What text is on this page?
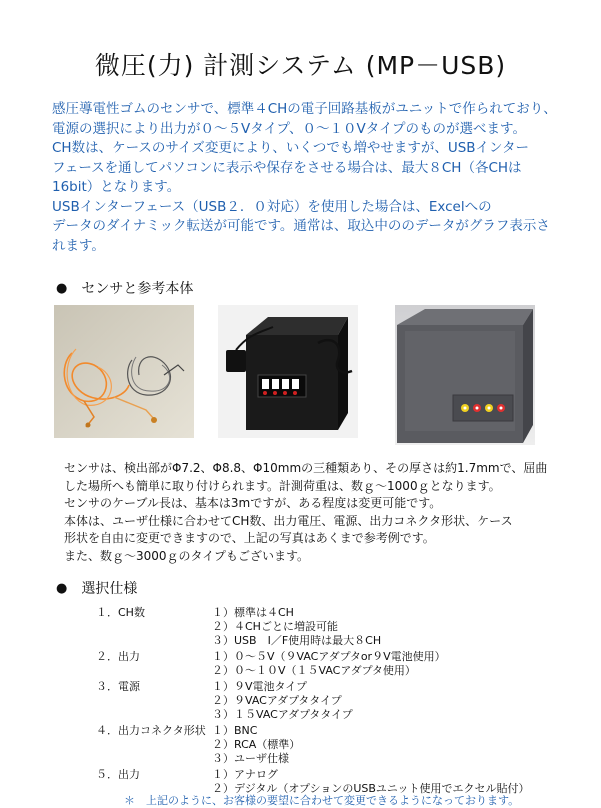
微圧(力) 計測システム (MP－USB)

感圧導電性ゴムのセンサで、標準４CHの電子回路基板がユニットで作られており、

電源の選択により出力が０～５Vタイプ、０～１０Vタイプのものが選べます。

CH数は、ケースのサイズ変更により、いくつでも増やせますが、USBインター

フェースを通してパソコンに表示や保存をさせる場合は、最大８CH（各CHは

16bit）となります。

USBインターフェース（USB２．０対応）を使用した場合は、Excelへの

データのダイナミック転送が可能です。通常は、取込中ののデータがグラフ表示さ

れます。

● センサと参考本体

センサは、検出部がΦ7.2、Φ8.8、Φ10mmの三種類あり、その厚さは約1.7mmで、屈曲

した場所へも簡単に取り付けられます。計測荷重は、数ｇ～1000ｇとなります。

センサのケーブル長は、基本は3mですが、ある程度は変更可能です。

本体は、ユーザ仕様に合わせてCH数、出力電圧、電源、出力コネクタ形状、ケース

形状を自由に変更できますので、上記の写真はあくまで参考例です。

また、数ｇ～3000ｇのタイプもございます。

● 選択仕様
１．CH数	１）標準は４CH
２）４CHごとに増設可能
３）USB　I／F使用時は最大８CH
２．出力	１）０～５V（９VACアダプタor９V電池使用）
２）０～１０V（１５VACアダプタ使用）
３．電源	１）９V電池タイプ
２）９VACアダプタタイプ
３）１５VACアダプタタイプ
４．出力コネクタ形状 １）BNC
２）RCA（標準）
３）ユーザ仕様
５．出力	１）アナログ
２）デジタル（オプションのUSBユニット使用でエクセル貼付）
＊　上記のように、お客様の要望に合わせて変更できるようになっております。
